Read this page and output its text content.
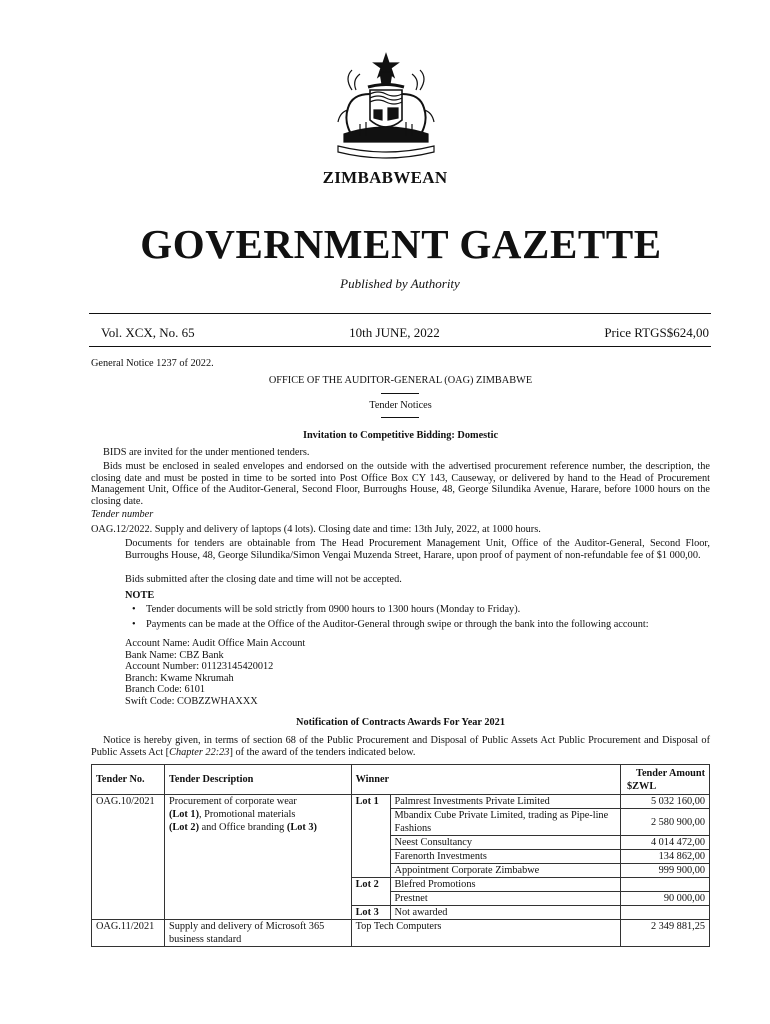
ZIMBABWEAN
GOVERNMENT GAZETTE
Published by Authority
Vol. XCX, No. 65	10th JUNE, 2022	Price RTGS$624,00
General Notice 1237 of 2022.
OFFICE OF THE AUDITOR-GENERAL (OAG) ZIMBABWE
Tender Notices
Invitation to Competitive Bidding: Domestic
BIDS are invited for the under mentioned tenders.
Bids must be enclosed in sealed envelopes and endorsed on the outside with the advertised procurement reference number, the description, the closing date and must be posted in time to be sorted into Post Office Box CY 143, Causeway, or delivered by hand to the Head of Procurement Management Unit, Office of the Auditor-General, Second Floor, Burroughs House, 48, George Silundika Avenue, Harare, before 1000 hours on the closing date.
Tender number
OAG.12/2022. Supply and delivery of laptops (4 lots). Closing date and time: 13th July, 2022, at 1000 hours.
Documents for tenders are obtainable from The Head Procurement Management Unit, Office of the Auditor-General, Second Floor, Burroughs House, 48, George Silundika/Simon Vengai Muzenda Street, Harare, upon proof of payment of non-refundable fee of $1 000,00.
Bids submitted after the closing date and time will not be accepted.
NOTE
• Tender documents will be sold strictly from 0900 hours to 1300 hours (Monday to Friday).
• Payments can be made at the Office of the Auditor-General through swipe or through the bank into the following account:
Account Name: Audit Office Main Account
Bank Name: CBZ Bank
Account Number: 01123145420012
Branch: Kwame Nkrumah
Branch Code: 6101
Swift Code: COBZZWHAXXX
Notification of Contracts Awards For Year 2021
Notice is hereby given, in terms of section 68 of the Public Procurement and Disposal of Public Assets Act Public Procurement and Disposal of Public Assets Act [Chapter 22:23] of the award of the tenders indicated below.
Tender No.	Tender Description	Winner		Tender Amount
$ZWL

OAG.10/2021	Procurement of corporate wear
(Lot 1), Promotional materials
(Lot 2) and Office branding (Lot 3)	Lot 1	Palmrest Investments Private Limited	5 032 160,00
			Mbandix Cube Private Limited, trading as Pipe-line Fashions	2 580 900,00
			Neest Consultancy	4 014 472,00
			Farenorth Investments	134 862,00
			Appointment Corporate Zimbabwe	999 900,00
		Lot 2	Blefred Promotions	
			Prestnet	90 000,00
		Lot 3	Not awarded	
OAG.11/2021	Supply and delivery of Microsoft 365 business standard	Top Tech Computers		2 349 881,25
